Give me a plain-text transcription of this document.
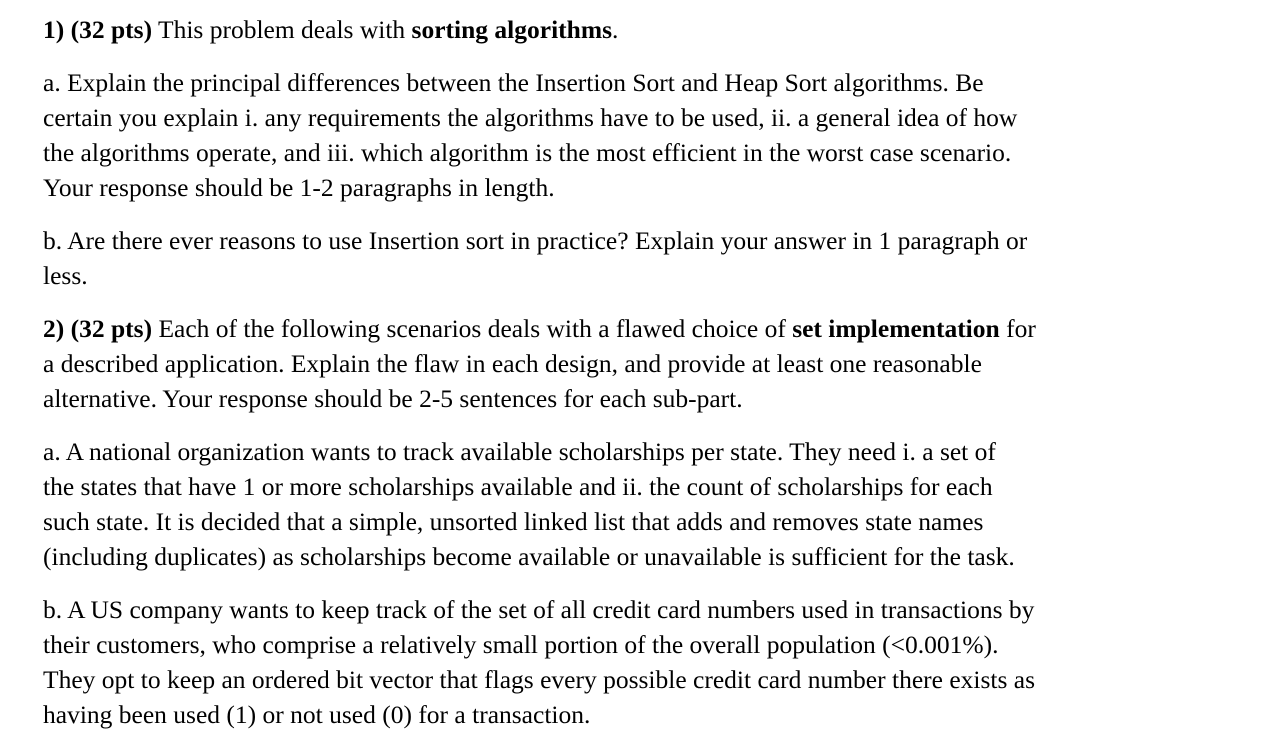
1) (32 pts) This problem deals with sorting algorithms.

a. Explain the principal differences between the Insertion Sort and Heap Sort algorithms. Be
certain you explain i. any requirements the algorithms have to be used, ii. a general idea of how
the algorithms operate, and iii. which algorithm is the most efficient in the worst case scenario.
Your response should be 1-2 paragraphs in length.

b. Are there ever reasons to use Insertion sort in practice? Explain your answer in 1 paragraph or
less.

2) (32 pts) Each of the following scenarios deals with a flawed choice of set implementation for
a described application. Explain the flaw in each design, and provide at least one reasonable
alternative. Your response should be 2-5 sentences for each sub-part.

a. A national organization wants to track available scholarships per state. They need i. a set of
the states that have 1 or more scholarships available and ii. the count of scholarships for each
such state. It is decided that a simple, unsorted linked list that adds and removes state names
(including duplicates) as scholarships become available or unavailable is sufficient for the task.

b. A US company wants to keep track of the set of all credit card numbers used in transactions by
their customers, who comprise a relatively small portion of the overall population (<0.001%).
They opt to keep an ordered bit vector that flags every possible credit card number there exists as
having been used (1) or not used (0) for a transaction.
